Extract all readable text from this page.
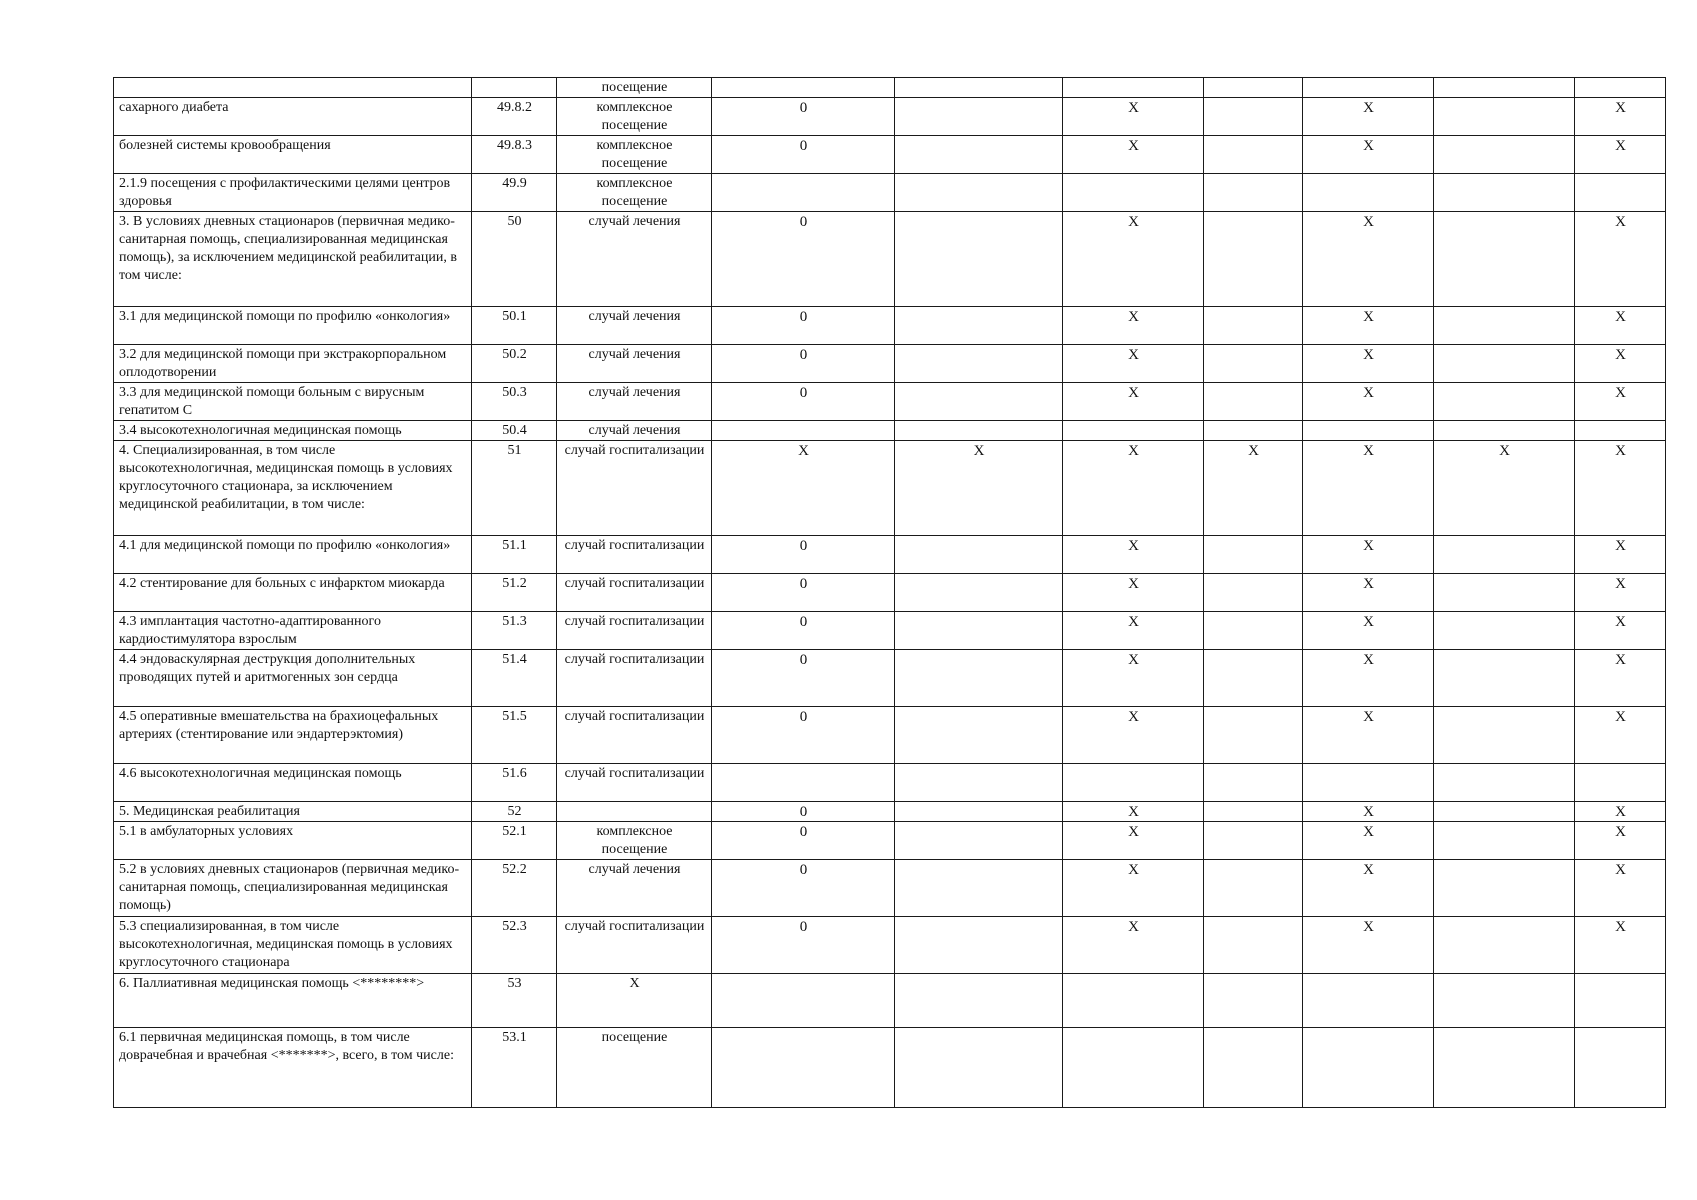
		посещение							
сахарного диабета	49.8.2	комплексное посещение	0		X		X		X
болезней системы кровообращения	49.8.3	комплексное посещение	0		X		X		X
2.1.9 посещения с профилактическими целями центров здоровья	49.9	комплексное посещение							
3. В условиях дневных стационаров (первичная медико-санитарная помощь, специализированная медицинская помощь), за исключением медицинской реабилитации, в том числе:	50	случай лечения	0		X		X		X
3.1 для медицинской помощи по профилю «онкология»	50.1	случай лечения	0		X		X		X
3.2 для медицинской помощи при экстракорпоральном оплодотворении	50.2	случай лечения	0		X		X		X
3.3 для медицинской помощи больным с вирусным гепатитом С	50.3	случай лечения	0		X		X		X
3.4 высокотехнологичная медицинская помощь	50.4	случай лечения							
4. Специализированная, в том числе высокотехнологичная, медицинская помощь в условиях круглосуточного стационара, за исключением медицинской реабилитации, в том числе:	51	случай госпитализации	X	X	X	X	X	X	X
4.1 для медицинской помощи по профилю «онкология»	51.1	случай госпитализации	0		X		X		X
4.2 стентирование для больных с инфарктом миокарда	51.2	случай госпитализации	0		X		X		X
4.3 имплантация частотно-адаптированного кардиостимулятора взрослым	51.3	случай госпитализации	0		X		X		X
4.4 эндоваскулярная деструкция дополнительных проводящих путей и аритмогенных зон сердца	51.4	случай госпитализации	0		X		X		X
4.5 оперативные вмешательства на брахиоцефальных артериях (стентирование или эндартерэктомия)	51.5	случай госпитализации	0		X		X		X
4.6 высокотехнологичная медицинская помощь	51.6	случай госпитализации							
5. Медицинская реабилитация	52		0		X		X		X
5.1 в амбулаторных условиях	52.1	комплексное посещение	0		X		X		X
5.2 в условиях дневных стационаров (первичная медико-санитарная помощь, специализированная медицинская помощь)	52.2	случай лечения	0		X		X		X
5.3 специализированная, в том числе высокотехнологичная, медицинская помощь в условиях круглосуточного стационара	52.3	случай госпитализации	0		X		X		X
6. Паллиативная медицинская помощь <********>	53	X							
6.1 первичная медицинская помощь, в том числе доврачебная и врачебная <*******>, всего, в том числе:	53.1	посещение							
